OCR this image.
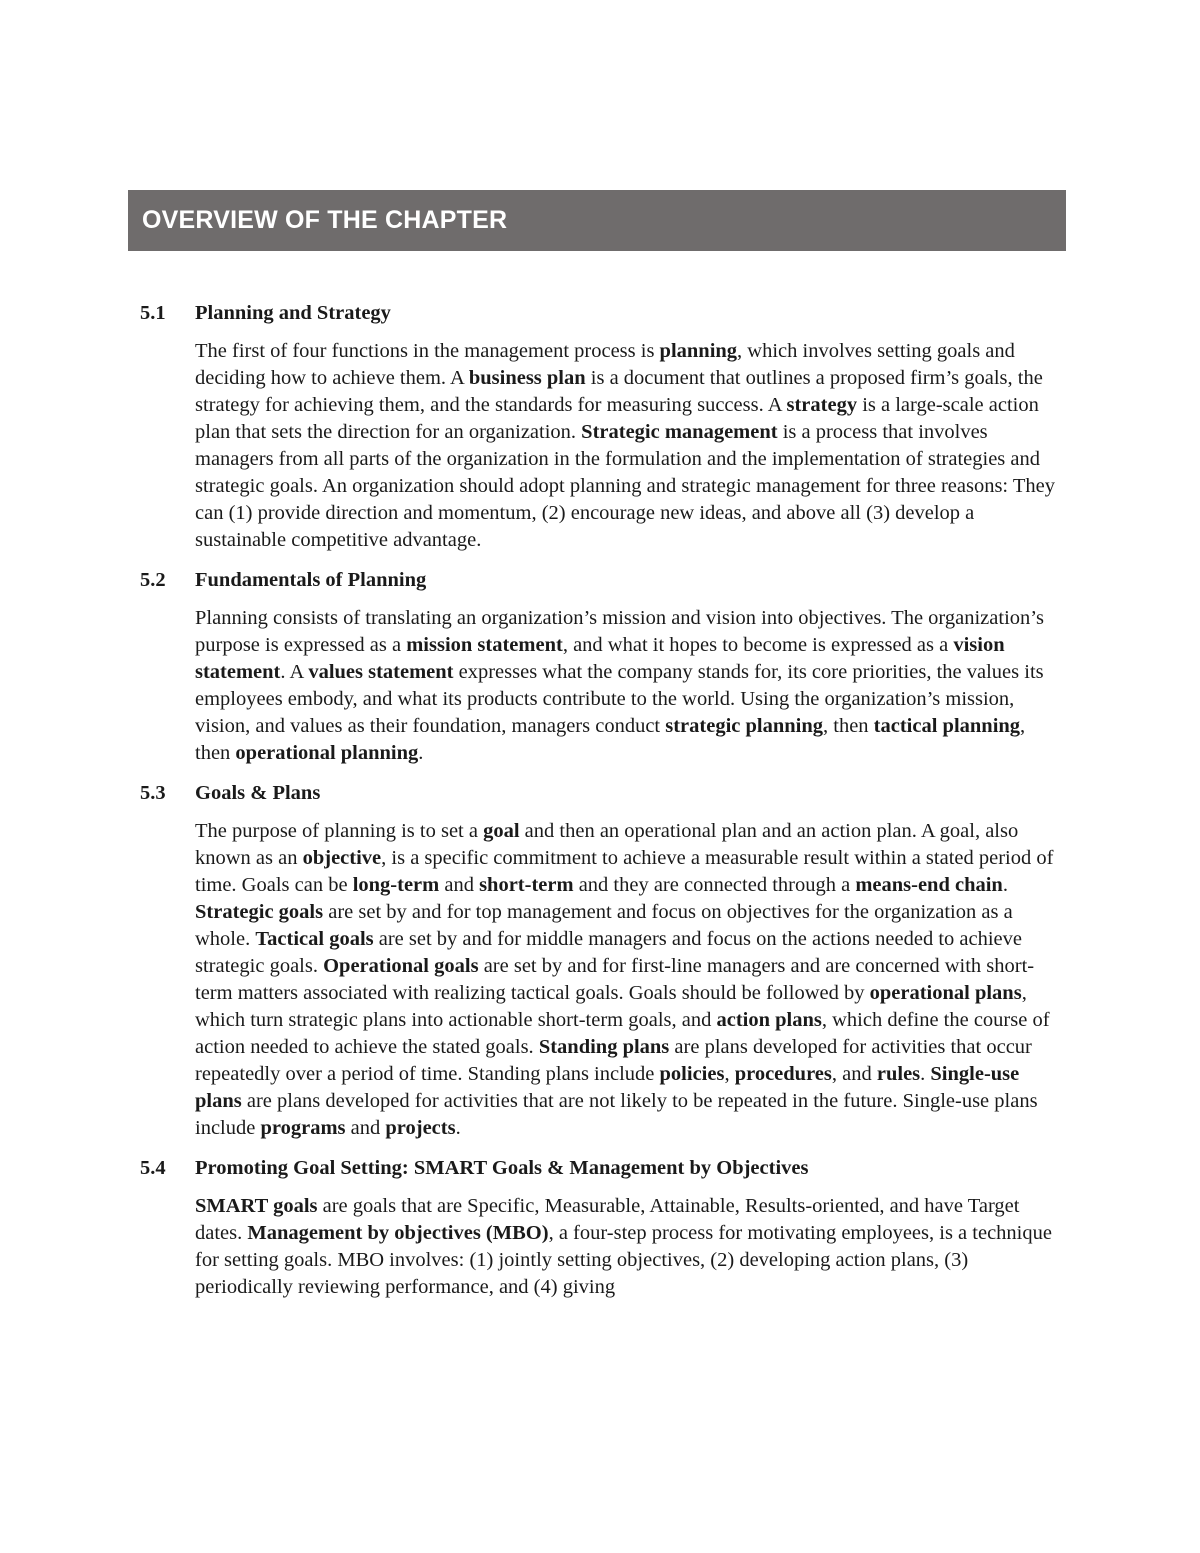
OVERVIEW OF THE CHAPTER
5.1	Planning and Strategy
The first of four functions in the management process is planning, which involves setting goals and deciding how to achieve them. A business plan is a document that outlines a proposed firm’s goals, the strategy for achieving them, and the standards for measuring success. A strategy is a large-scale action plan that sets the direction for an organization. Strategic management is a process that involves managers from all parts of the organization in the formulation and the implementation of strategies and strategic goals. An organization should adopt planning and strategic management for three reasons: They can (1) provide direction and momentum, (2) encourage new ideas, and above all (3) develop a sustainable competitive advantage.
5.2	Fundamentals of Planning
Planning consists of translating an organization’s mission and vision into objectives. The organization’s purpose is expressed as a mission statement, and what it hopes to become is expressed as a vision statement. A values statement expresses what the company stands for, its core priorities, the values its employees embody, and what its products contribute to the world. Using the organization’s mission, vision, and values as their foundation, managers conduct strategic planning, then tactical planning, then operational planning.
5.3	Goals & Plans
The purpose of planning is to set a goal and then an operational plan and an action plan. A goal, also known as an objective, is a specific commitment to achieve a measurable result within a stated period of time. Goals can be long-term and short-term and they are connected through a means-end chain. Strategic goals are set by and for top management and focus on objectives for the organization as a whole. Tactical goals are set by and for middle managers and focus on the actions needed to achieve strategic goals. Operational goals are set by and for first-line managers and are concerned with short-term matters associated with realizing tactical goals. Goals should be followed by operational plans, which turn strategic plans into actionable short-term goals, and action plans, which define the course of action needed to achieve the stated goals. Standing plans are plans developed for activities that occur repeatedly over a period of time. Standing plans include policies, procedures, and rules. Single-use plans are plans developed for activities that are not likely to be repeated in the future. Single-use plans include programs and projects.
5.4	Promoting Goal Setting: SMART Goals & Management by Objectives
SMART goals are goals that are Specific, Measurable, Attainable, Results-oriented, and have Target dates. Management by objectives (MBO), a four-step process for motivating employees, is a technique for setting goals. MBO involves: (1) jointly setting objectives, (2) developing action plans, (3) periodically reviewing performance, and (4) giving
